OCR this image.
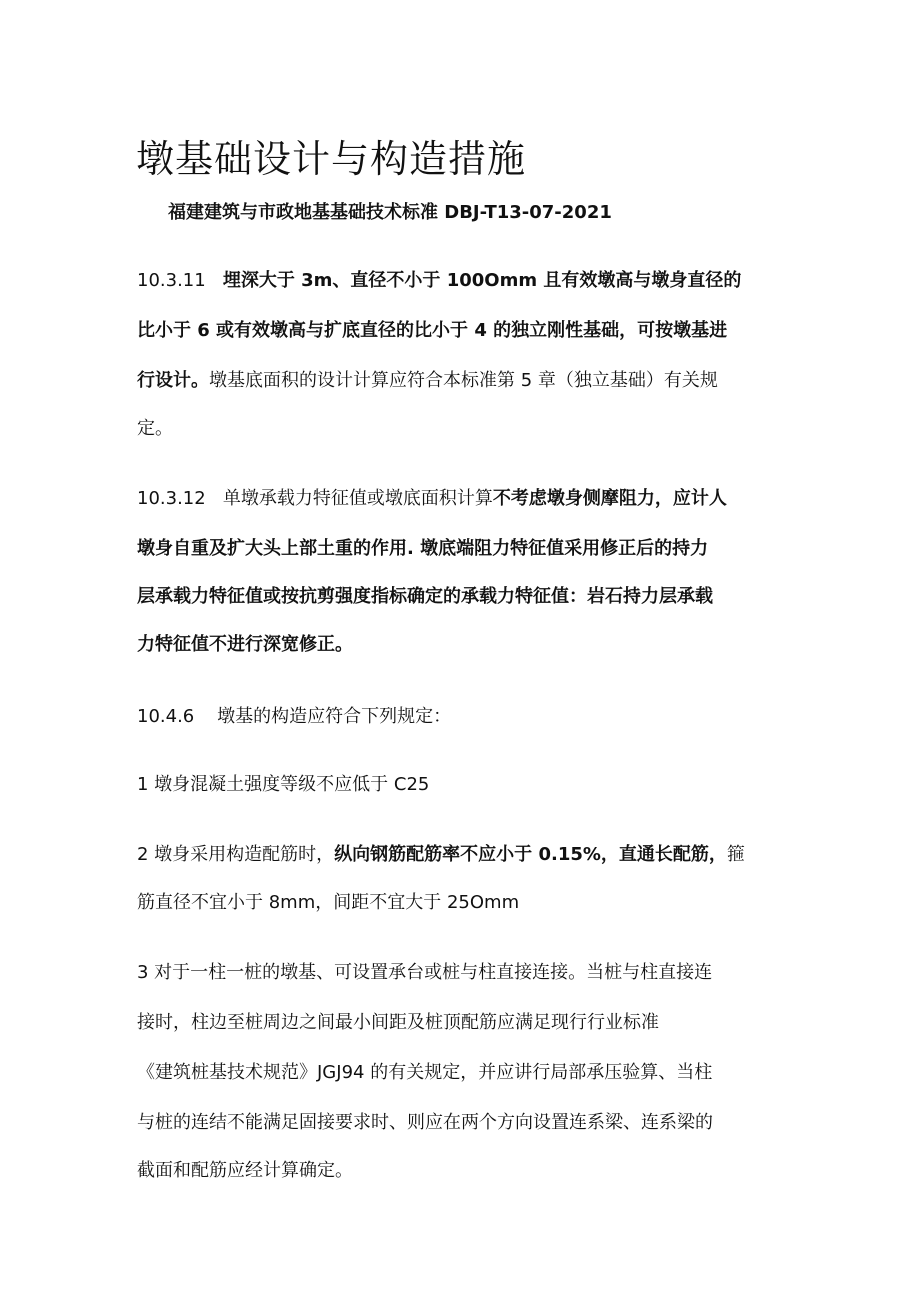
墩基础设计与构造措施
福建建筑与市政地基基础技术标准 DBJ-T13-07-2021
10.3.11 埋深大于 3m、直径不小于 100Omm 且有效墩高与墩身直径的
比小于 6 或有效墩高与扩底直径的比小于 4 的独立刚性基础，可按墩基进
行设计。墩基底面积的设计计算应符合本标准第 5 章（独立基础）有关规
定。
10.3.12 单墩承载力特征值或墩底面积计算不考虑墩身侧摩阻力，应计人
墩身自重及扩大头上部土重的作用. 墩底端阻力特征值采用修正后的持力
层承载力特征值或按抗剪强度指标确定的承载力特征值：岩石持力层承载
力特征值不进行深宽修正。
10.4.6 墩基的构造应符合下列规定：
1 墩身混凝土强度等级不应低于 C25
2 墩身采用构造配筋时，纵向钢筋配筋率不应小于 0.15%，直通长配筋，箍
筋直径不宜小于 8mm，间距不宜大于 25Omm
3 对于一柱一桩的墩基、可设置承台或桩与柱直接连接。当桩与柱直接连
接时，柱边至桩周边之间最小间距及桩顶配筋应满足现行行业标准
《建筑桩基技术规范》JGJ94 的有关规定，并应讲行局部承压验算、当柱
与桩的连结不能满足固接要求时、则应在两个方向设置连系梁、连系梁的
截面和配筋应经计算确定。
